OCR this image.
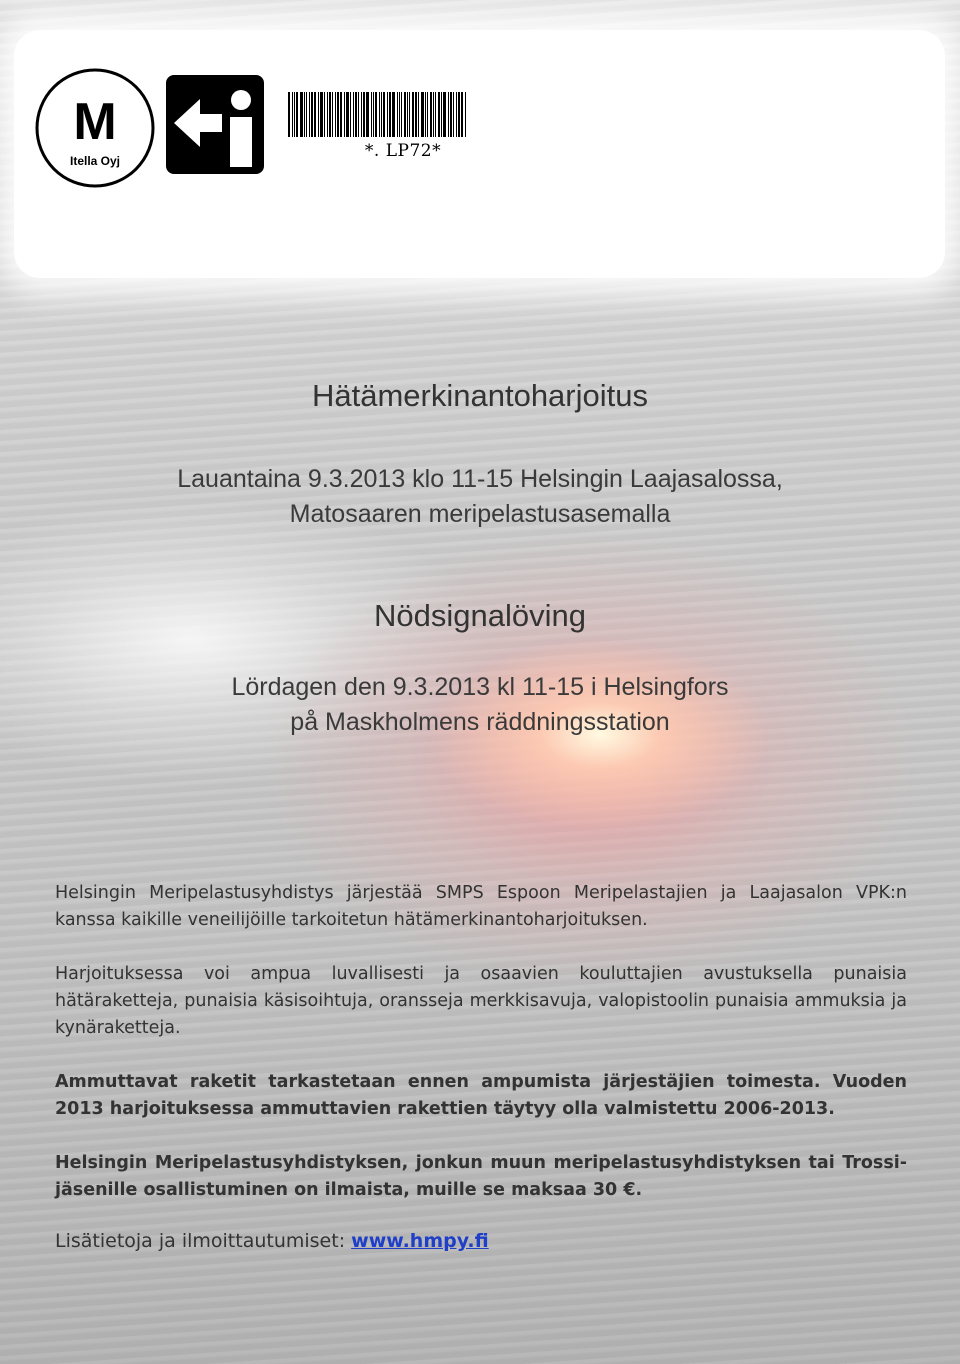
M
Itella Oyj	*. LP72*
Hätämerkinantoharjoitus
Lauantaina 9.3.2013 klo 11-15 Helsingin Laajasalossa,
Matosaaren meripelastusasemalla
Nödsignalöving
Lördagen den 9.3.2013 kl 11-15 i Helsingfors
på Maskholmens räddningsstation
Helsingin Meripelastusyhdistys järjestää SMPS Espoon Meripelastajien ja Laajasalon VPK:n kanssa kaikille veneilijöille tarkoitetun hätämerkinantoharjoituksen.
Harjoituksessa voi ampua luvallisesti ja osaavien kouluttajien avustuksella punaisia hätäraketteja, punaisia käsisoihtuja, oransseja merkkisavuja, valopistoolin punaisia ammuksia ja kynäraketteja.
Ammuttavat raketit tarkastetaan ennen ampumista järjestäjien toimesta. Vuoden 2013 harjoituksessa ammuttavien rakettien täytyy olla valmistettu 2006-2013.
Helsingin Meripelastusyhdistyksen, jonkun muun meripelastusyhdistyksen tai Trossi-jäsenille osallistuminen on ilmaista, muille se maksaa 30 €.
Lisätietoja ja ilmoittautumiset: www.hmpy.fi
